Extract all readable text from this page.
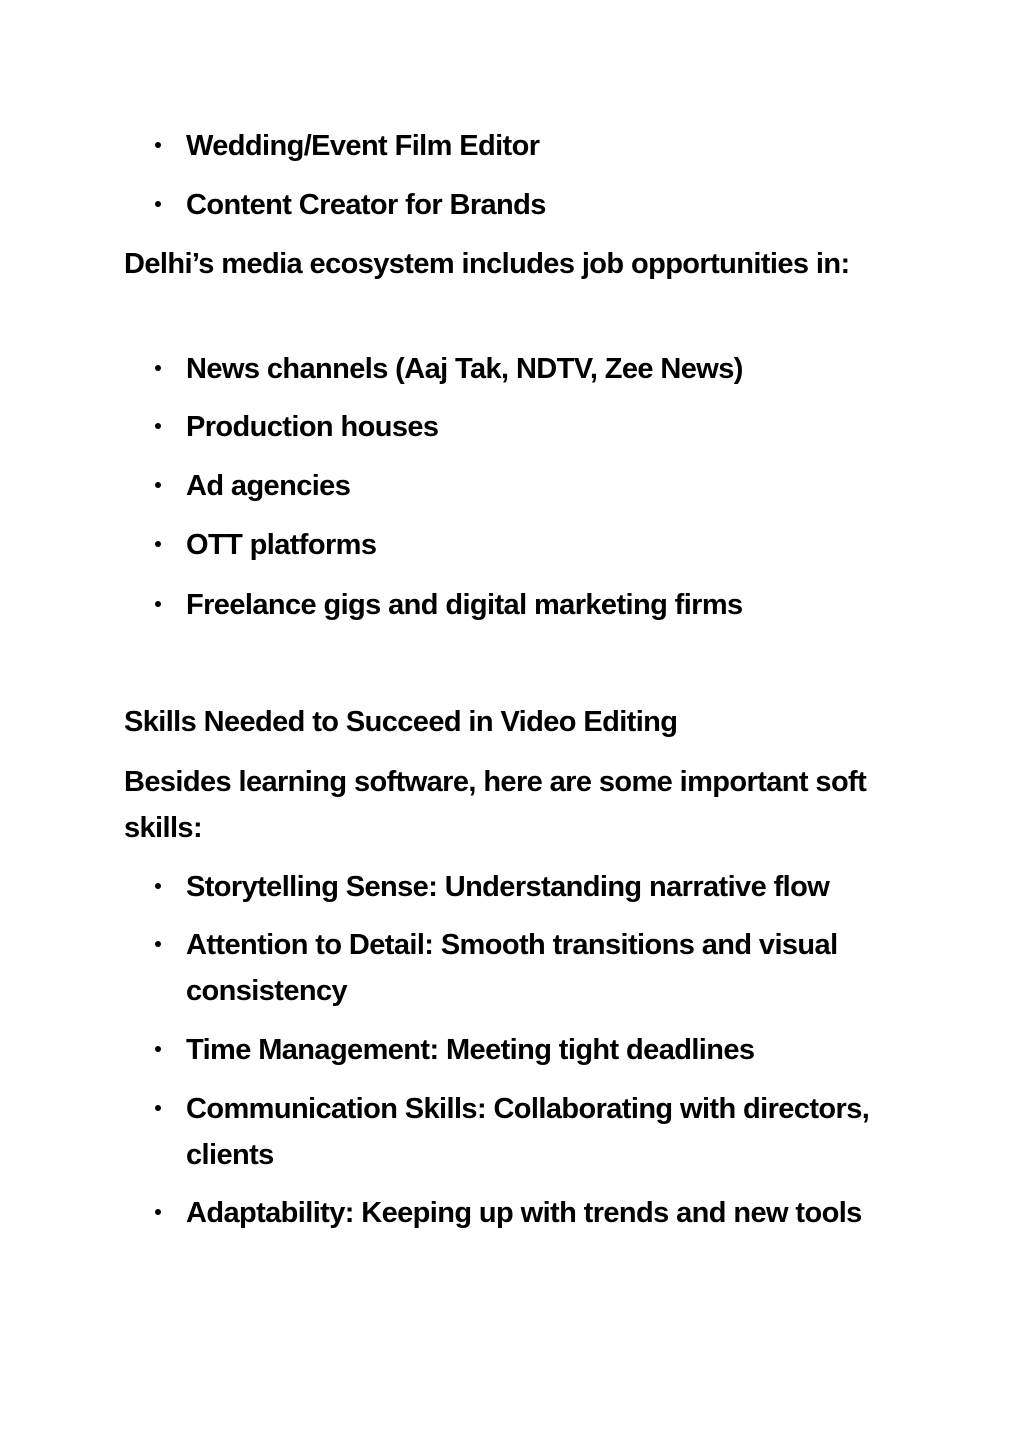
Wedding/Event Film Editor
Content Creator for Brands

Delhi’s media ecosystem includes job opportunities in:

News channels (Aaj Tak, NDTV, Zee News)
Production houses
Ad agencies
OTT platforms
Freelance gigs and digital marketing firms

Skills Needed to Succeed in Video Editing

Besides learning software, here are some important soft skills:

Storytelling Sense: Understanding narrative flow
Attention to Detail: Smooth transitions and visual consistency
Time Management: Meeting tight deadlines
Communication Skills: Collaborating with directors, clients
Adaptability: Keeping up with trends and new tools
